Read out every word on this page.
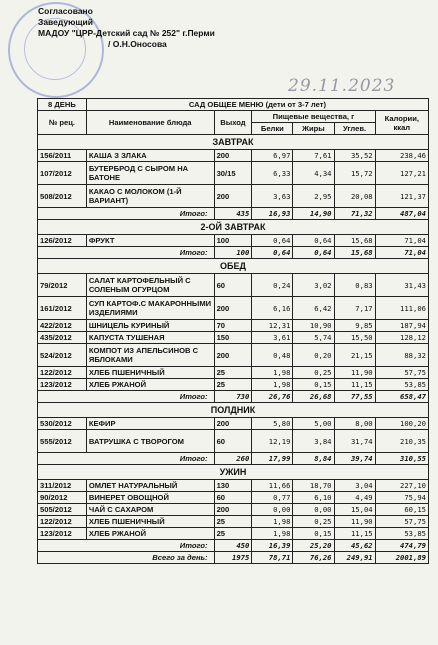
Согласовано
Заведующий
МАДОУ "ЦРР-Детский сад № 252" г.Перми
/ О.Н.Оносова
29.11.2023
8 ДЕНЬ	САД ОБЩЕЕ МЕНЮ (дети от 3-7 лет)					
№ рец.	Наименование блюда	Выход	Пищевые вещества, г			Калории, ккал
			Белки	Жиры	Углев.	
ЗАВТРАК						
156/2011	КАША З ЗЛАКА	200	6,97	7,61	35,52	238,46
107/2012	БУТЕРБРОД С СЫРОМ НА БАТОНЕ	30/15	6,33	4,34	15,72	127,21
508/2012	КАКАО С МОЛОКОМ (1-Й ВАРИАНТ)	200	3,63	2,95	20,08	121,37
Итого:		435	16,93	14,90	71,32	487,04
2-ОЙ ЗАВТРАК						
126/2012	ФРУКТ	100	0,64	0,64	15,68	71,04
Итого:		100	0,64	0,64	15,68	71,04
ОБЕД						
79/2012	САЛАТ КАРТОФЕЛЬНЫЙ С СОЛЕНЫМ ОГУРЦОМ	60	0,24	3,02	0,83	31,43
161/2012	СУП КАРТОФ.С МАКАРОННЫМИ ИЗДЕЛИЯМИ	200	6,16	6,42	7,17	111,06
422/2012	ШНИЦЕЛЬ КУРИНЫЙ	70	12,31	10,90	9,85	187,94
435/2012	КАПУСТА ТУШЕНАЯ	150	3,61	5,74	15,50	128,12
524/2012	КОМПОТ ИЗ АПЕЛЬСИНОВ С ЯБЛОКАМИ	200	0,48	0,20	21,15	88,32
122/2012	ХЛЕБ ПШЕНИЧНЫЙ	25	1,98	0,25	11,90	57,75
123/2012	ХЛЕБ РЖАНОЙ	25	1,98	0,15	11,15	53,85
Итого:		730	26,76	26,68	77,55	658,47
ПОЛДНИК						
530/2012	КЕФИР	200	5,80	5,00	8,00	100,20
555/2012	ВАТРУШКА С ТВОРОГОМ	60	12,19	3,84	31,74	210,35
Итого:		260	17,99	8,84	39,74	310,55
УЖИН						
311/2012	ОМЛЕТ НАТУРАЛЬНЫЙ	130	11,66	18,70	3,04	227,10
90/2012	ВИНЕРЕТ ОВОЩНОЙ	60	0,77	6,10	4,49	75,94
505/2012	ЧАЙ С САХАРОМ	200	0,00	0,00	15,04	60,15
122/2012	ХЛЕБ ПШЕНИЧНЫЙ	25	1,98	0,25	11,90	57,75
123/2012	ХЛЕБ РЖАНОЙ	25	1,98	0,15	11,15	53,85
Итого:		450	16,39	25,20	45,62	474,79
Всего за день:		1975	78,71	76,26	249,91	2001,89
